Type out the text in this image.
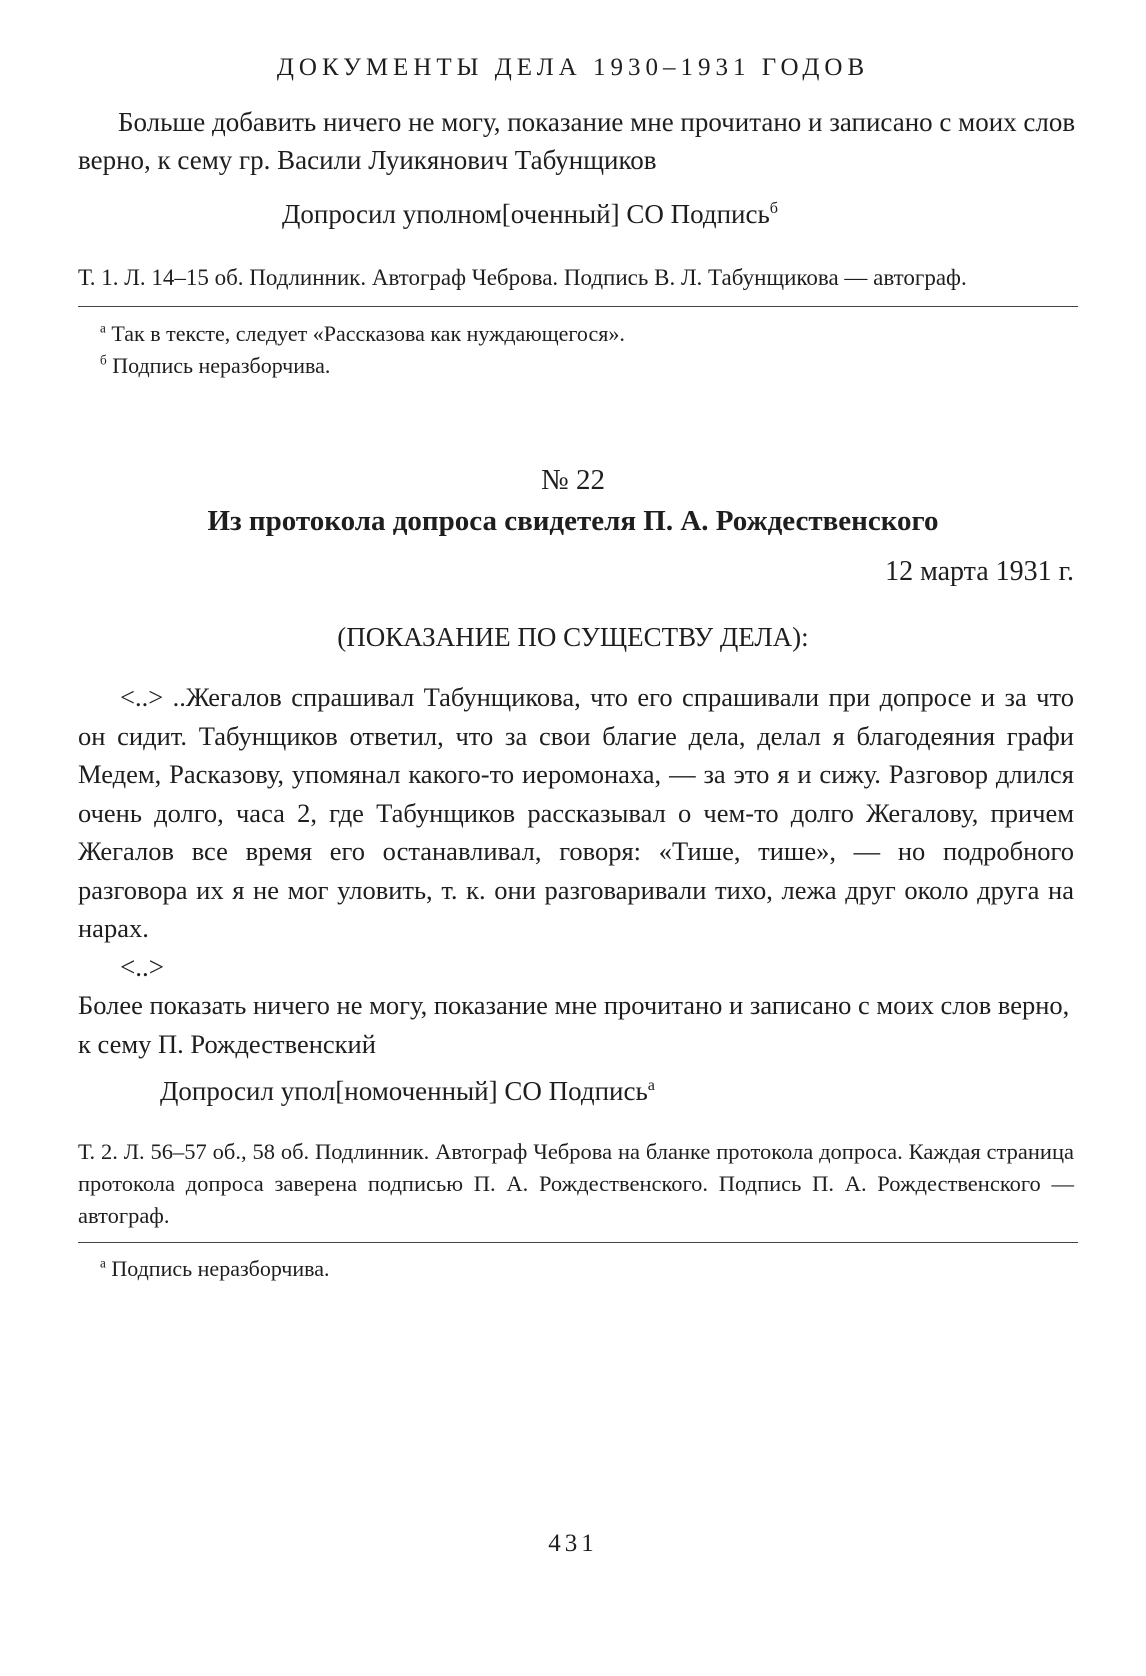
ДОКУМЕНТЫ ДЕЛА 1930–1931 ГОДОВ

Больше добавить ничего не могу, показание мне прочитано и записано с моих слов верно, к сему гр. Васили Луикянович Табунщиков

Допросил уполном[оченный] СО Подпись$^б$

Т. 1. Л. 14–15 об. Подлинник. Автограф Чеброва. Подпись В. Л. Табунщикова — автограф.

$^а$ Так в тексте, следует «Рассказова как нуждающегося».

$^б$ Подпись неразборчива.

№ 22

Из протокола допроса свидетеля П. А. Рождественского

12 марта 1931 г.

(ПОКАЗАНИЕ ПО СУЩЕСТВУ ДЕЛА):

<..> ..Жегалов спрашивал Табунщикова, что его спрашивали при допросе и за что он сидит. Табунщиков ответил, что за свои благие дела, делал я благодеяния графи Медем, Расказову, упомянал какого-то иеромонаха, — за это я и сижу. Разговор длился очень долго, часа 2, где Табунщиков рассказывал о чем-то долго Жегалову, причем Жегалов все время его останавливал, говоря: «Тише, тише», — но подробного разговора их я не мог уловить, т. к. они разговаривали тихо, лежа друг около друга на нарах.

<..>

Более показать ничего не могу, показание мне прочитано и записано с моих слов верно, к сему П. Рождественский

Допросил упол[номоченный] СО Подпись$^а$

Т. 2. Л. 56–57 об., 58 об. Подлинник. Автограф Чеброва на бланке протокола допроса. Каждая страница протокола допроса заверена подписью П. А. Рождественского. Подпись П. А. Рождественского — автограф.

$^а$ Подпись неразборчива.

431
